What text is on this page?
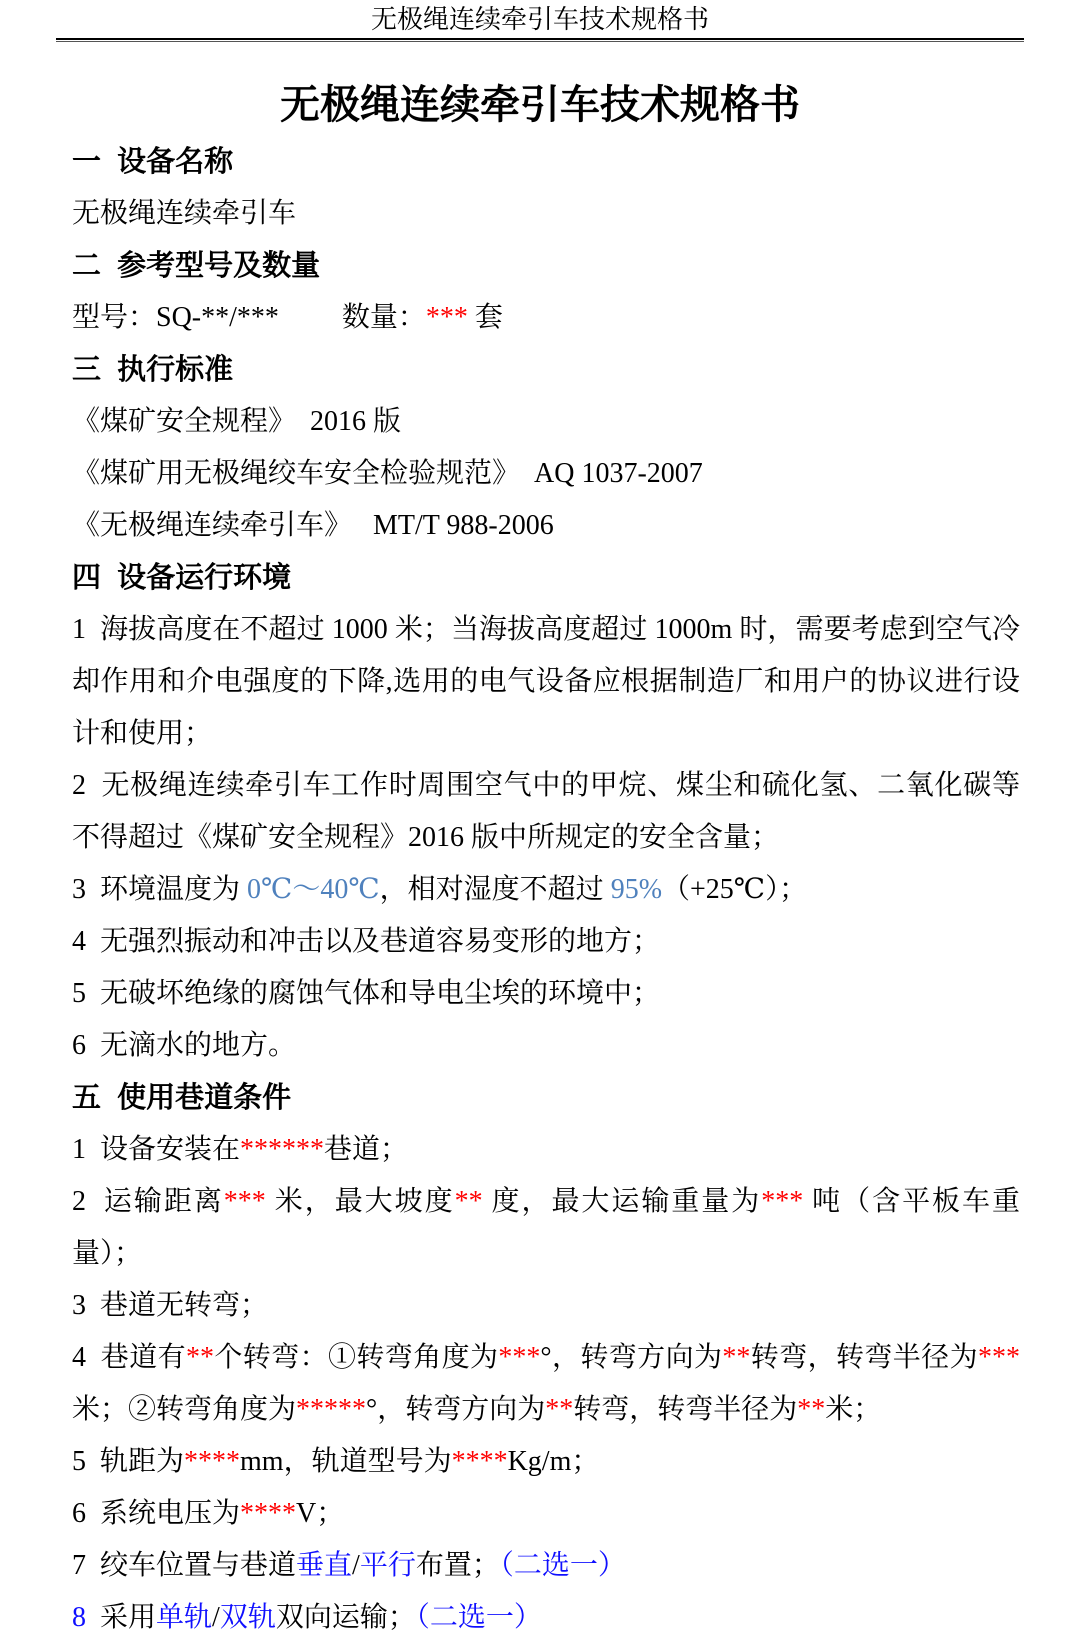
无极绳连续牵引车技术规格书
无极绳连续牵引车技术规格书

一  设备名称

无极绳连续牵引车

二  参考型号及数量

型号：SQ-**/***　　 数量：*** 套

三  执行标准

《煤矿安全规程》  2016 版

《煤矿用无极绳绞车安全检验规范》  AQ 1037-2007

《无极绳连续牵引车》   MT/T 988-2006

四  设备运行环境

1  海拔高度在不超过 1000 米；当海拔高度超过 1000m 时，需要考虑到空气冷却作用和介电强度的下降,选用的电气设备应根据制造厂和用户的协议进行设计和使用；

2  无极绳连续牵引车工作时周围空气中的甲烷、煤尘和硫化氢、二氧化碳等不得超过《煤矿安全规程》2016 版中所规定的安全含量；

3  环境温度为 0℃～40℃，相对湿度不超过 95%（+25℃）；

4  无强烈振动和冲击以及巷道容易变形的地方；

5  无破坏绝缘的腐蚀气体和导电尘埃的环境中；

6  无滴水的地方。

五  使用巷道条件

1  设备安装在******巷道；

2  运输距离*** 米，最大坡度** 度，最大运输重量为*** 吨（含平板车重量）；

3  巷道无转弯；

4  巷道有**个转弯：①转弯角度为***°，转弯方向为**转弯，转弯半径为***米；②转弯角度为*****°，转弯方向为**转弯，转弯半径为**米；

5  轨距为****mm，轨道型号为****Kg/m；

6  系统电压为****V；

7  绞车位置与巷道垂直/平行布置；（二选一）

8  采用单轨/双轨双向运输；（二选一）
